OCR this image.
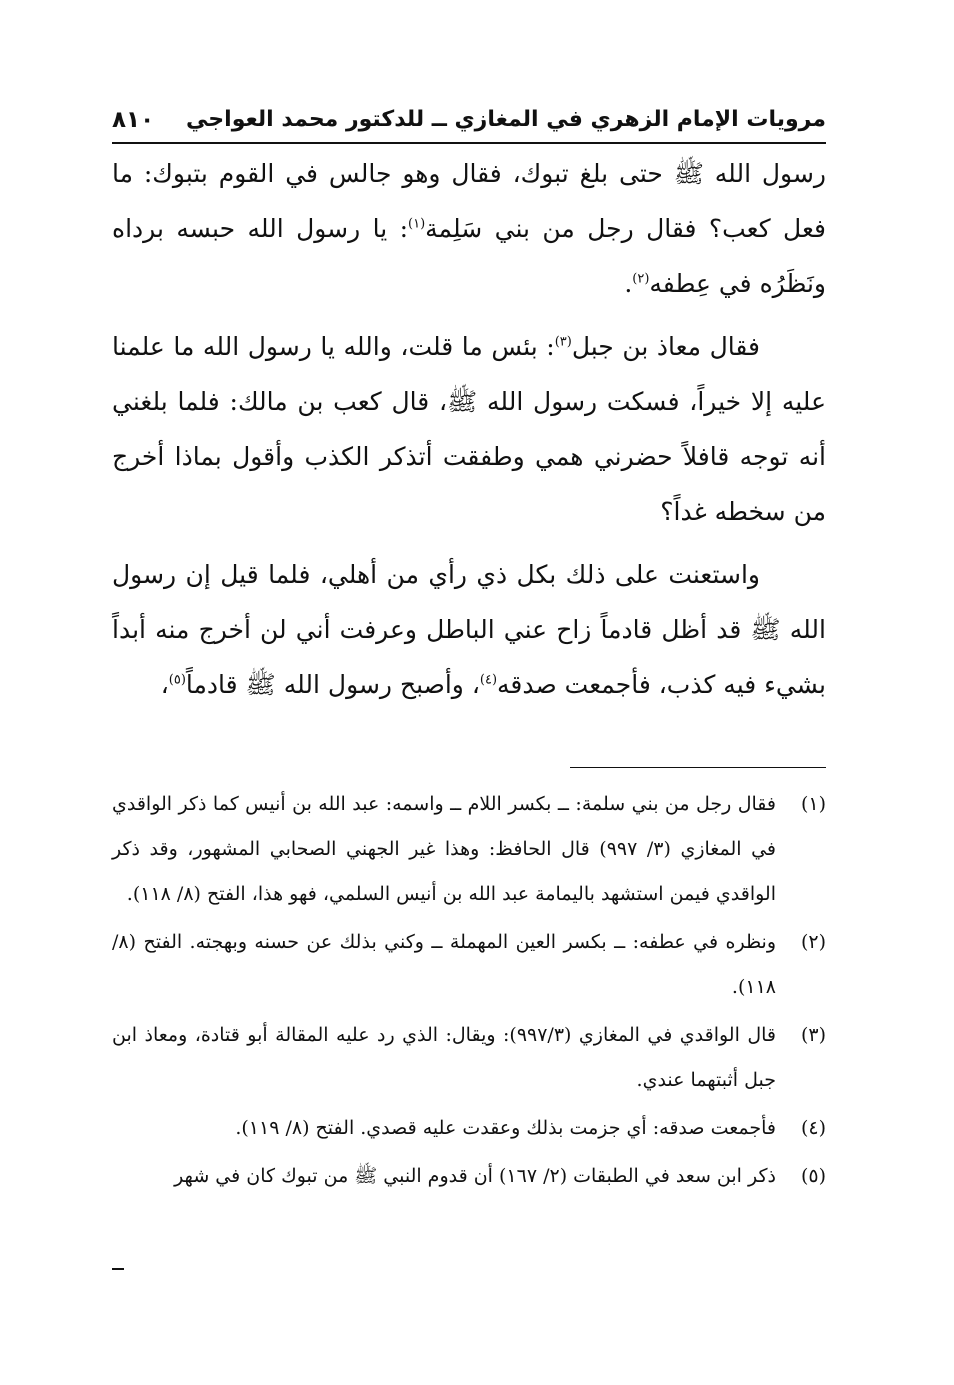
مرويات الإمام الزهري في المغازي ــ للدكتور محمد العواجي
٨١٠

رسول الله ﷺ حتى بلغ تبوك، فقال وهو جالس في القوم بتبوك: ما فعل كعب؟ فقال رجل من بني سَلِمة$^{(١)}$: يا رسول الله حبسه برداه ونَظَرُه في عِطفه$^{(٢)}$.

فقال معاذ بن جبل$^{(٣)}$: بئس ما قلت، والله يا رسول الله ما علمنا عليه إلا خيراً، فسكت رسول الله ﷺ، قال كعب بن مالك: فلما بلغني أنه توجه قافلاً حضرني همي وطفقت أتذكر الكذب وأقول بماذا أخرج من سخطه غداً؟

واستعنت على ذلك بكل ذي رأي من أهلي، فلما قيل إن رسول الله ﷺ قد أظل قادماً زاح عني الباطل وعرفت أني لن أخرج منه أبداً بشيء فيه كذب، فأجمعت صدقه$^{(٤)}$، وأصبح رسول الله ﷺ قادماً$^{(٥)}$،

(١)
فقال رجل من بني سلمة: ــ بكسر اللام ــ واسمه: عبد الله بن أنيس كما ذكر الواقدي في المغازي (٣/ ٩٩٧) قال الحافظ: وهذا غير الجهني الصحابي المشهور، وقد ذكر الواقدي فيمن استشهد باليمامة عبد الله بن أنيس السلمي، فهو هذا، الفتح (٨/ ١١٨).
(٢)
ونظره في عطفه: ــ بكسر العين المهملة ــ وكني بذلك عن حسنه وبهجته. الفتح (٨/ ١١٨).
(٣)
قال الواقدي في المغازي (٩٩٧/٣): ويقال: الذي رد عليه المقالة أبو قتادة، ومعاذ ابن جبل أثبتهما عندي.
(٤)
فأجمعت صدقه: أي جزمت بذلك وعقدت عليه قصدي. الفتح (٨/ ١١٩).
(٥)
ذكر ابن سعد في الطبقات (٢/ ١٦٧) أن قدوم النبي ﷺ من تبوك كان في شهر
